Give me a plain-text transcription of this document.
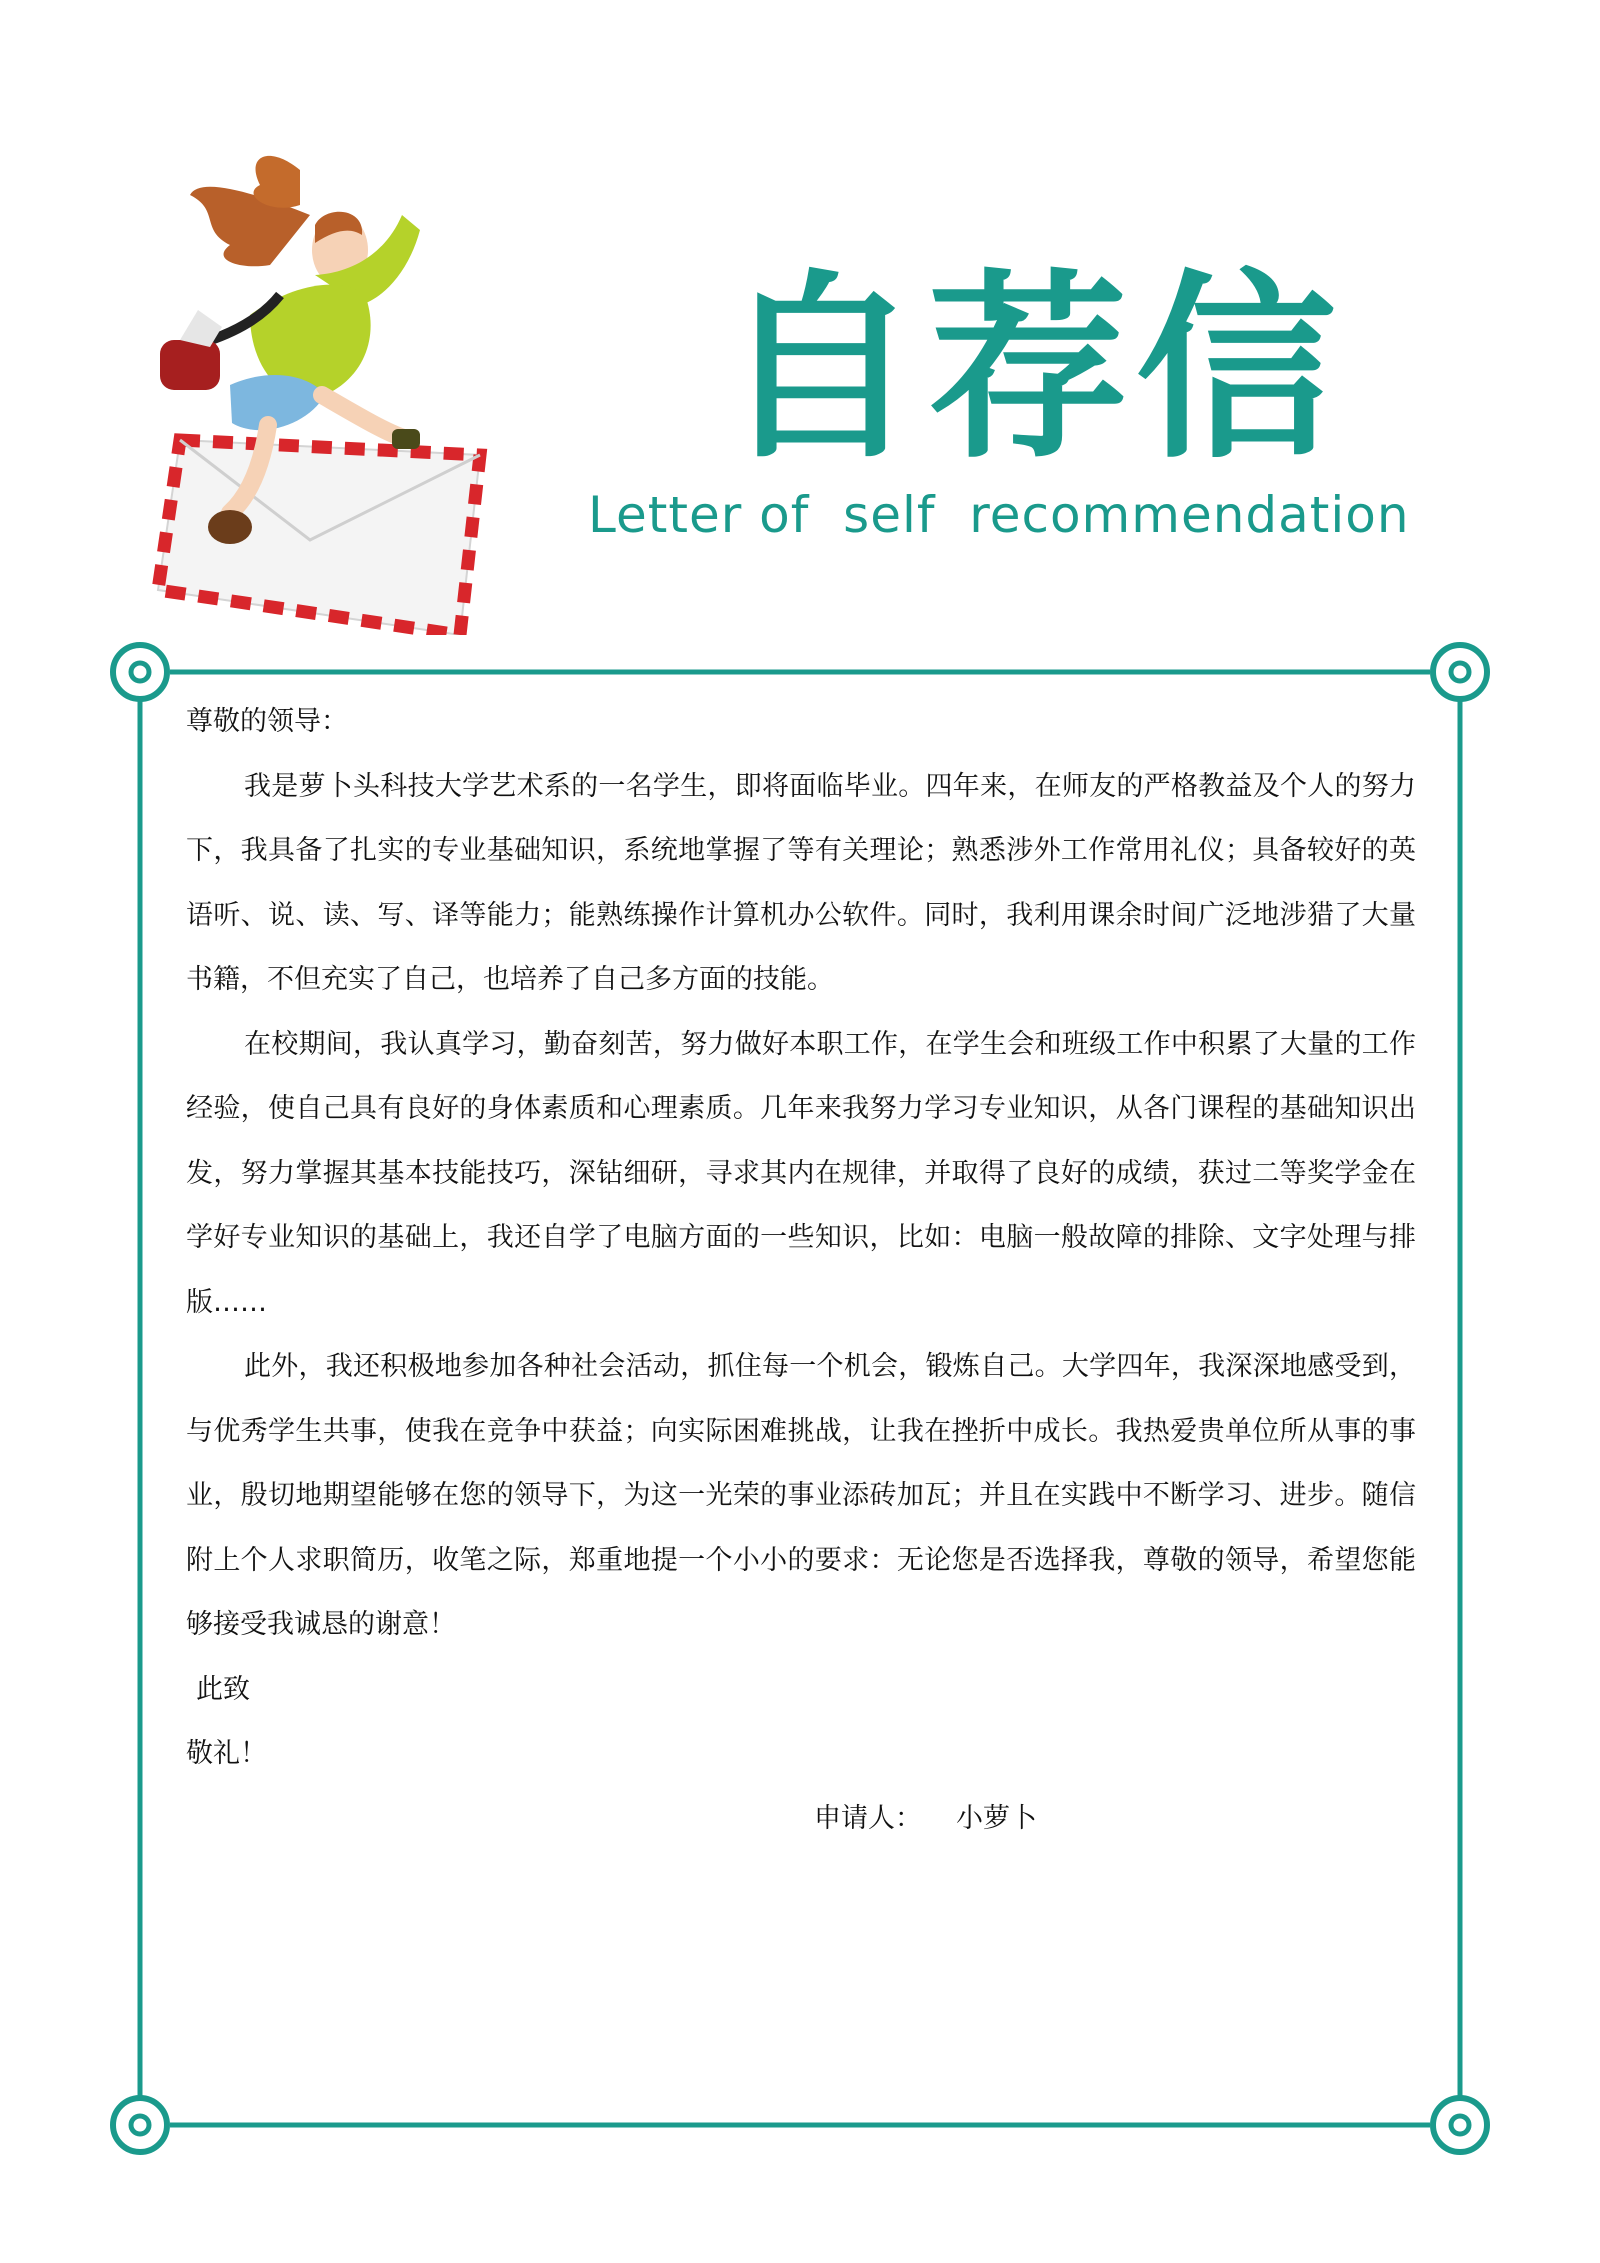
自荐信
Letter of  self  recommendation

尊敬的领导：

我是萝卜头科技大学艺术系的一名学生，即将面临毕业。四年来，在师友的严格教益及个人的努力下，我具备了扎实的专业基础知识，系统地掌握了等有关理论；熟悉涉外工作常用礼仪；具备较好的英语听、说、读、写、译等能力；能熟练操作计算机办公软件。同时，我利用课余时间广泛地涉猎了大量书籍，不但充实了自己，也培养了自己多方面的技能。

在校期间，我认真学习，勤奋刻苦，努力做好本职工作，在学生会和班级工作中积累了大量的工作经验，使自己具有良好的身体素质和心理素质。几年来我努力学习专业知识，从各门课程的基础知识出发，努力掌握其基本技能技巧，深钻细研，寻求其内在规律，并取得了良好的成绩，获过二等奖学金在学好专业知识的基础上，我还自学了电脑方面的一些知识，比如：电脑一般故障的排除、文字处理与排版……

此外，我还积极地参加各种社会活动，抓住每一个机会，锻炼自己。大学四年，我深深地感受到，与优秀学生共事，使我在竞争中获益；向实际困难挑战，让我在挫折中成长。我热爱贵单位所从事的事业，殷切地期望能够在您的领导下，为这一光荣的事业添砖加瓦；并且在实践中不断学习、进步。随信附上个人求职简历，收笔之际，郑重地提一个小小的要求：无论您是否选择我，尊敬的领导，希望您能够接受我诚恳的谢意！

此致

敬礼！

申请人： 小萝卜
